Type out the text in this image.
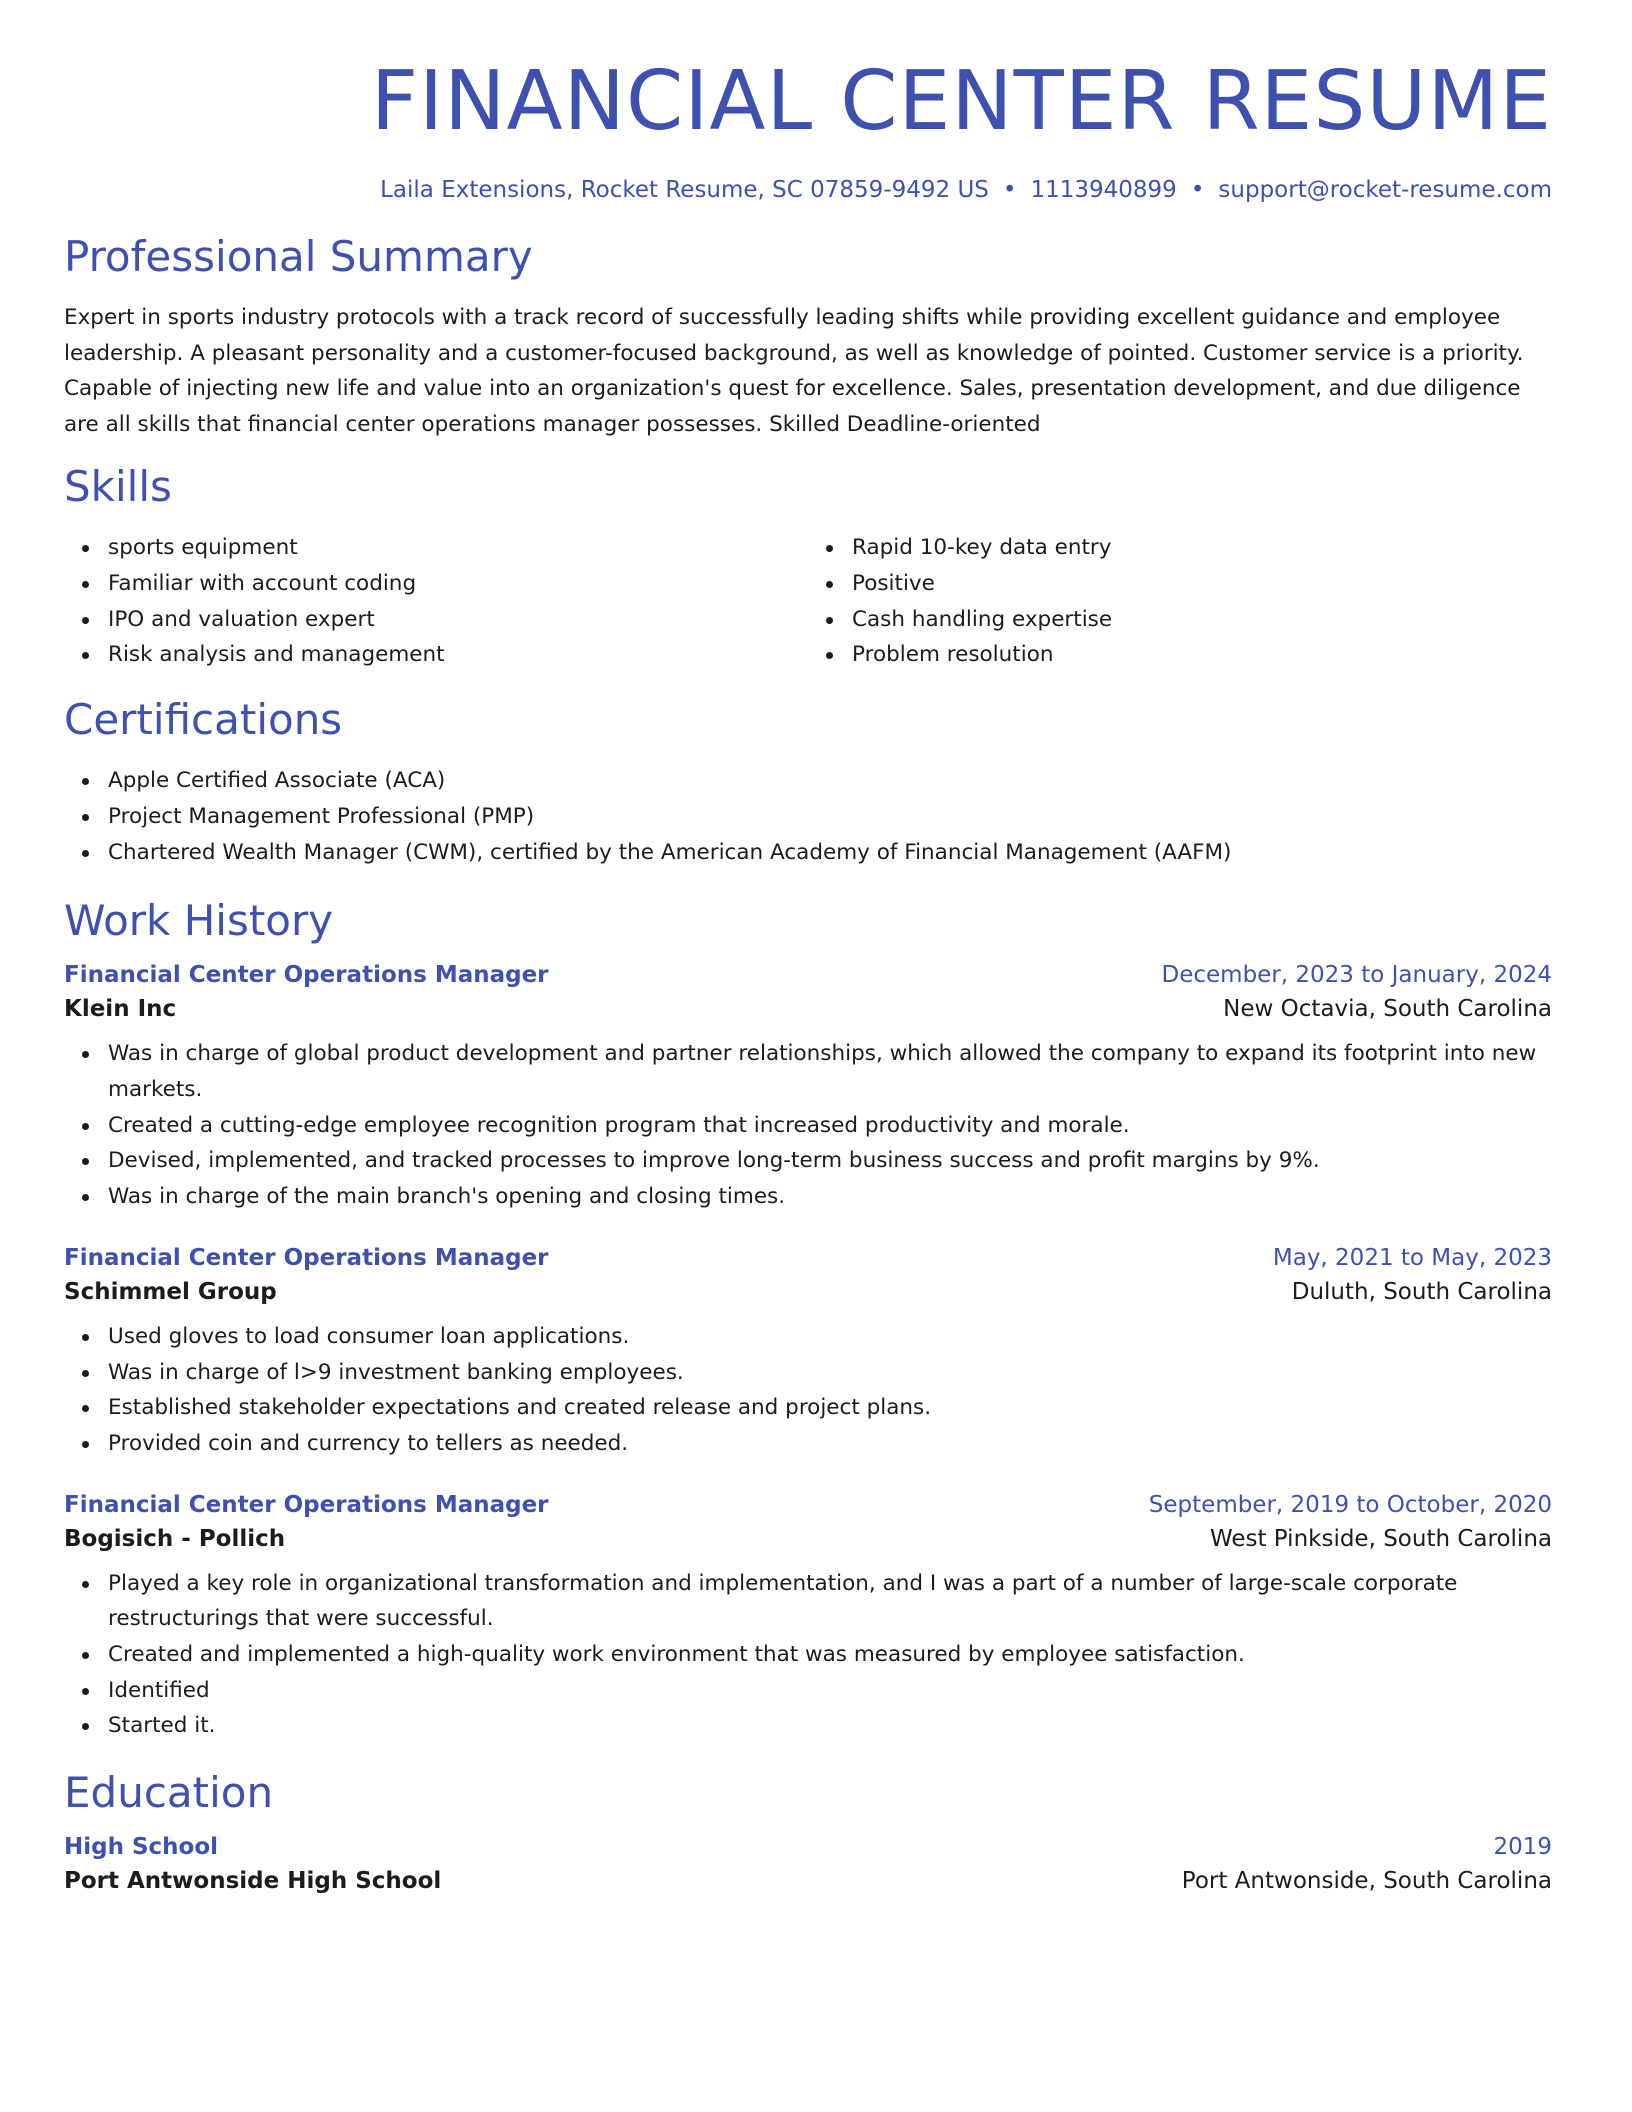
FINANCIAL CENTER RESUME
Laila Extensions, Rocket Resume, SC 07859-9492 US • 1113940899 • support@rocket-resume.com
Professional Summary

Expert in sports industry protocols with a track record of successfully leading shifts while providing excellent guidance and employee leadership. A pleasant personality and a customer-focused background, as well as knowledge of pointed. Customer service is a priority. Capable of injecting new life and value into an organization's quest for excellence. Sales, presentation development, and due diligence are all skills that financial center operations manager possesses. Skilled Deadline-oriented

Skills
sports equipment
Familiar with account coding
IPO and valuation expert
Risk analysis and management
Rapid 10-key data entry
Positive
Cash handling expertise
Problem resolution
Certifications
Apple Certified Associate (ACA)
Project Management Professional (PMP)
Chartered Wealth Manager (CWM), certified by the American Academy of Financial Management (AAFM)
Work History
Financial Center Operations Manager	December, 2023 to January, 2024
Klein Inc	New Octavia, South Carolina
Was in charge of global product development and partner relationships, which allowed the company to expand its footprint into new markets.
Created a cutting-edge employee recognition program that increased productivity and morale.
Devised, implemented, and tracked processes to improve long-term business success and profit margins by 9%.
Was in charge of the main branch's opening and closing times.
Financial Center Operations Manager	May, 2021 to May, 2023
Schimmel Group	Duluth, South Carolina
Used gloves to load consumer loan applications.
Was in charge of l>9 investment banking employees.
Established stakeholder expectations and created release and project plans.
Provided coin and currency to tellers as needed.
Financial Center Operations Manager	September, 2019 to October, 2020
Bogisich - Pollich	West Pinkside, South Carolina
Played a key role in organizational transformation and implementation, and I was a part of a number of large-scale corporate restructurings that were successful.
Created and implemented a high-quality work environment that was measured by employee satisfaction.
Identified
Started it.
Education
High School	2019
Port Antwonside High School	Port Antwonside, South Carolina
